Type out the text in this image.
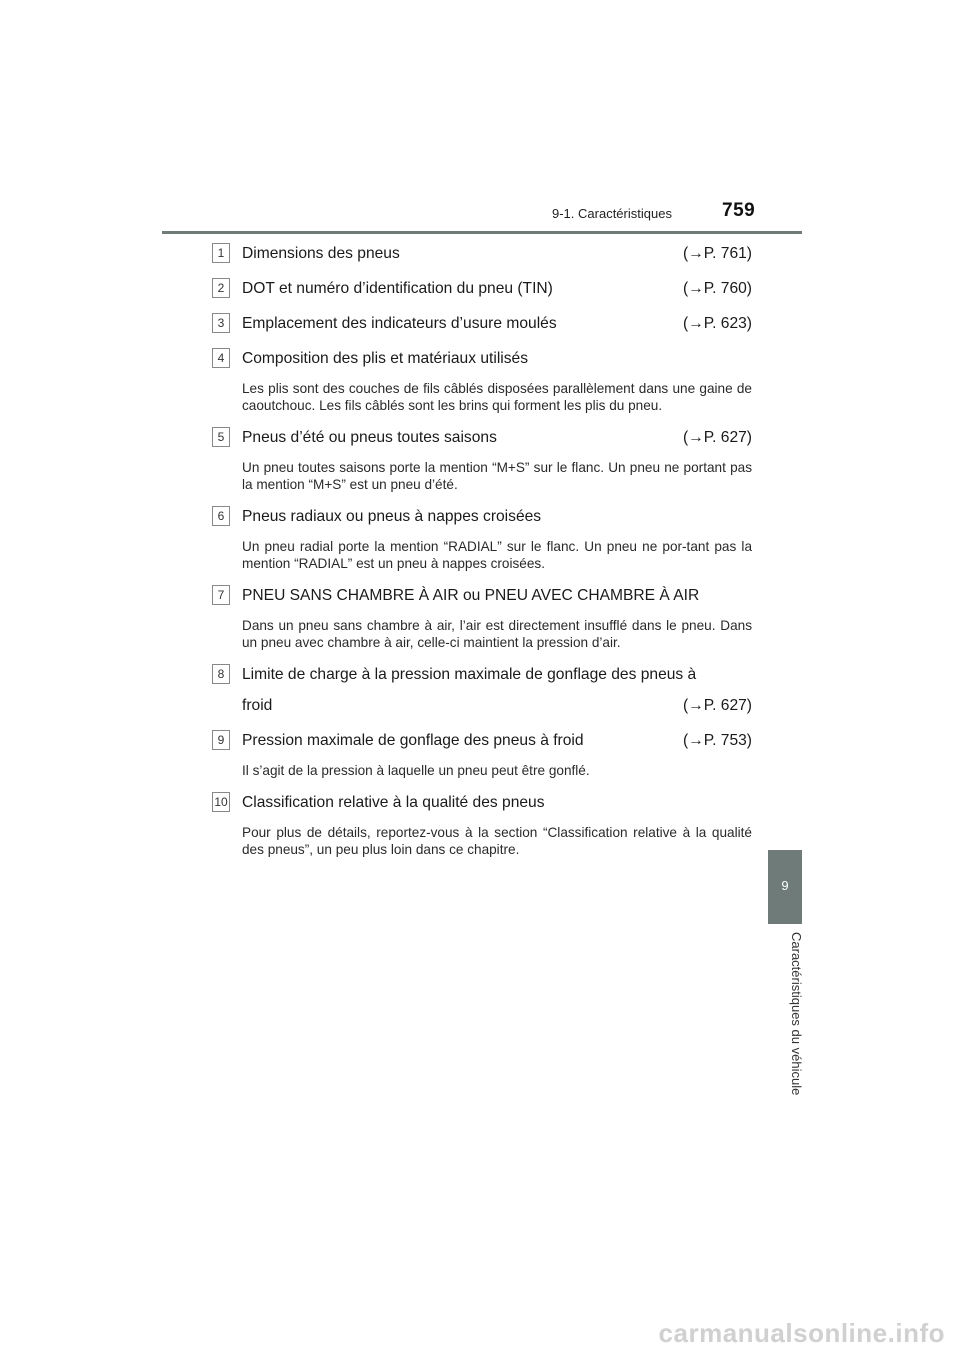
9-1. Caractéristiques	759
9
Caractéristiques du véhicule
1	Dimensions des pneus	(→P. 761)
2	DOT et numéro d’identification du pneu (TIN)	(→P. 760)
3	Emplacement des indicateurs d’usure moulés	(→P. 623)
4	Composition des plis et matériaux utilisés
Les plis sont des couches de fils câblés disposées parallèlement dans une gaine de caoutchouc. Les fils câblés sont les brins qui forment les plis du pneu.
5	Pneus d’été ou pneus toutes saisons	(→P. 627)
Un pneu toutes saisons porte la mention “M+S” sur le flanc. Un pneu ne portant pas la mention “M+S” est un pneu d’été.
6	Pneus radiaux ou pneus à nappes croisées
Un pneu radial porte la mention “RADIAL” sur le flanc. Un pneu ne por-tant pas la mention “RADIAL” est un pneu à nappes croisées.
7	PNEU SANS CHAMBRE À AIR ou PNEU AVEC CHAMBRE À AIR
Dans un pneu sans chambre à air, l’air est directement insufflé dans le pneu. Dans un pneu avec chambre à air, celle-ci maintient la pression d’air.
8	Limite de charge à la pression maximale de gonflage des pneus à
froid	(→P. 627)
9	Pression maximale de gonflage des pneus à froid	(→P. 753)
Il s’agit de la pression à laquelle un pneu peut être gonflé.
10 Classification relative à la qualité des pneus
Pour plus de détails, reportez-vous à la section “Classification relative à la qualité des pneus”, un peu plus loin dans ce chapitre.
carmanualsonline.info
